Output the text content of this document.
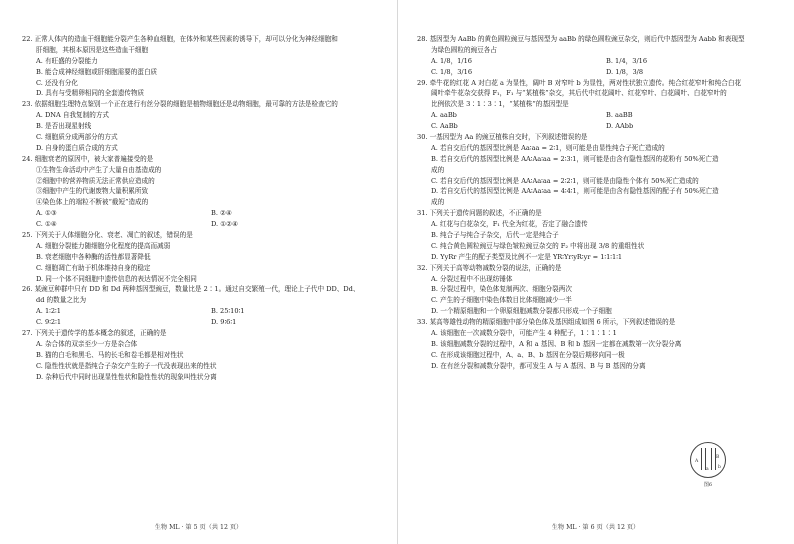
22. 正常人体内的造血干细胞能分裂产生各种血细胞，在体外和某些因素的诱导下，却可以分化为神经细胞和
肝细胞，其根本原因是这些造血干细胞
A. 有旺盛的分裂能力
B. 能合成神经细胞或肝细胞需要的蛋白质
C. 还没有分化
D. 具有与受精卵相同的全套遗传物质
23. 依据细胞生理特点鉴别一个正在进行有丝分裂的细胞是植物细胞还是动物细胞，最可靠的方法是检查它的
A. DNA 自我复制的方式
B. 是否出现星射线
C. 细胞质分成两部分的方式
D. 自身的蛋白质合成的方式
24. 细胞衰老的原因中，被大家普遍接受的是
①生物生命活动中产生了大量自由基造成的
②细胞中的营养物质无法正常供应造成的
③细胞中产生的代谢废物大量积累所致
④染色体上的端粒不断被“截短”造成的
A. ①③	B. ②④
C. ①④	D. ①②④
25. 下列关于人体细胞分化、衰老、凋亡的叙述，错误的是
A. 细胞分裂能力随细胞分化程度的提高而减弱
B. 衰老细胞中各种酶的活性都显著降低
C. 细胞凋亡有助于机体维持自身的稳定
D. 同一个体不同细胞中遗传信息的表达情况不完全相同
26. 某豌豆种群中只有 DD 和 Dd 两种基因型豌豆，数量比是 2∶1。通过自交繁殖一代，理论上子代中 DD、Dd、
dd 的数量之比为
A. 1∶2∶1	B. 25∶10∶1
C. 9∶2∶1	D. 9∶6∶1
27. 下列关于遗传学的基本概念的叙述，正确的是
A. 杂合体的双亲至少一方是杂合体
B. 猫的白毛和黑毛、马的长毛和卷毛都是相对性状
C. 隐性性状就是指纯合子杂交产生的子一代没表现出来的性状
D. 杂种后代中同时出现显性性状和隐性性状的现象叫性状分离
生物 ML · 第 5 页（共 12 页）
28. 基因型为 AaBb 的黄色圆粒豌豆与基因型为 aaBb 的绿色圆粒豌豆杂交，则后代中基因型为 Aabb 和表现型
为绿色圆粒的豌豆各占
A. 1/8，1/16	B. 1/4，3/16
C. 1/8，3/16	D. 1/8，3/8
29. 牵牛花的红花 A 对白花 a 为显性，阔叶 B 对窄叶 b 为显性，两对性状独立遗传。纯合红花窄叶和纯合白花
阔叶牵牛花杂交获得 F₁，F₁ 与“某植株”杂交，其后代中红花阔叶、红花窄叶、白花阔叶、白花窄叶的
比例依次是 3∶1∶3∶1，“某植株”的基因型是
A. aaBb	B. aaBB
C. AaBb	D. AAbb
30. 一基因型为 Aa 的豌豆植株自交时，下列叙述错误的是
A. 若自交后代的基因型比例是 Aa∶aa = 2∶1，则可能是由显性纯合子死亡造成的
B. 若自交后代的基因型比例是 AA∶Aa∶aa = 2∶3∶1，则可能是由含有隐性基因的花粉有 50%死亡造
成的
C. 若自交后代的基因型比例是 AA∶Aa∶aa = 2∶2∶1，则可能是由隐性个体有 50%死亡造成的
D. 若自交后代的基因型比例是 AA∶Aa∶aa = 4∶4∶1，则可能是由含有隐性基因的配子有 50%死亡造
成的
31. 下列关于遗传问题的叙述，不正确的是
A. 红花与白花杂交，F₁ 代全为红花，否定了融合遗传
B. 纯合子与纯合子杂交，后代一定是纯合子
C. 纯合黄色圆粒豌豆与绿色皱粒豌豆杂交的 F₂ 中将出现 3/8 的重组性状
D. YyRr 产生的配子类型及比例不一定是 YR∶Yr∶yR∶yr = 1∶1∶1∶1
32. 下列关于高等动物减数分裂的说法，正确的是
A. 分裂过程中不出现纺锤体
B. 分裂过程中，染色体复制两次、细胞分裂两次
C. 产生的子细胞中染色体数目比体细胞减少一半
D. 一个精原细胞和一个卵原细胞减数分裂都只形成一个子细胞
33. 某高等雄性动物的精原细胞中部分染色体及基因组成如图 6 所示，下列叙述错误的是
A. 该细胞在一次减数分裂中，可能产生 4 种配子，1∶1∶1∶1
B. 该细胞减数分裂的过程中，A 和 a 基因、B 和 b 基因一定都在减数第一次分裂分离
C. 在形成该细胞过程中，A、a、B、b 基因在分裂后期移向同一极
D. 在有丝分裂和减数分裂中，都可发生 A 与 A 基因、B 与 B 基因的分离
生物 ML · 第 6 页（共 12 页）
A
a
B
b
图6
